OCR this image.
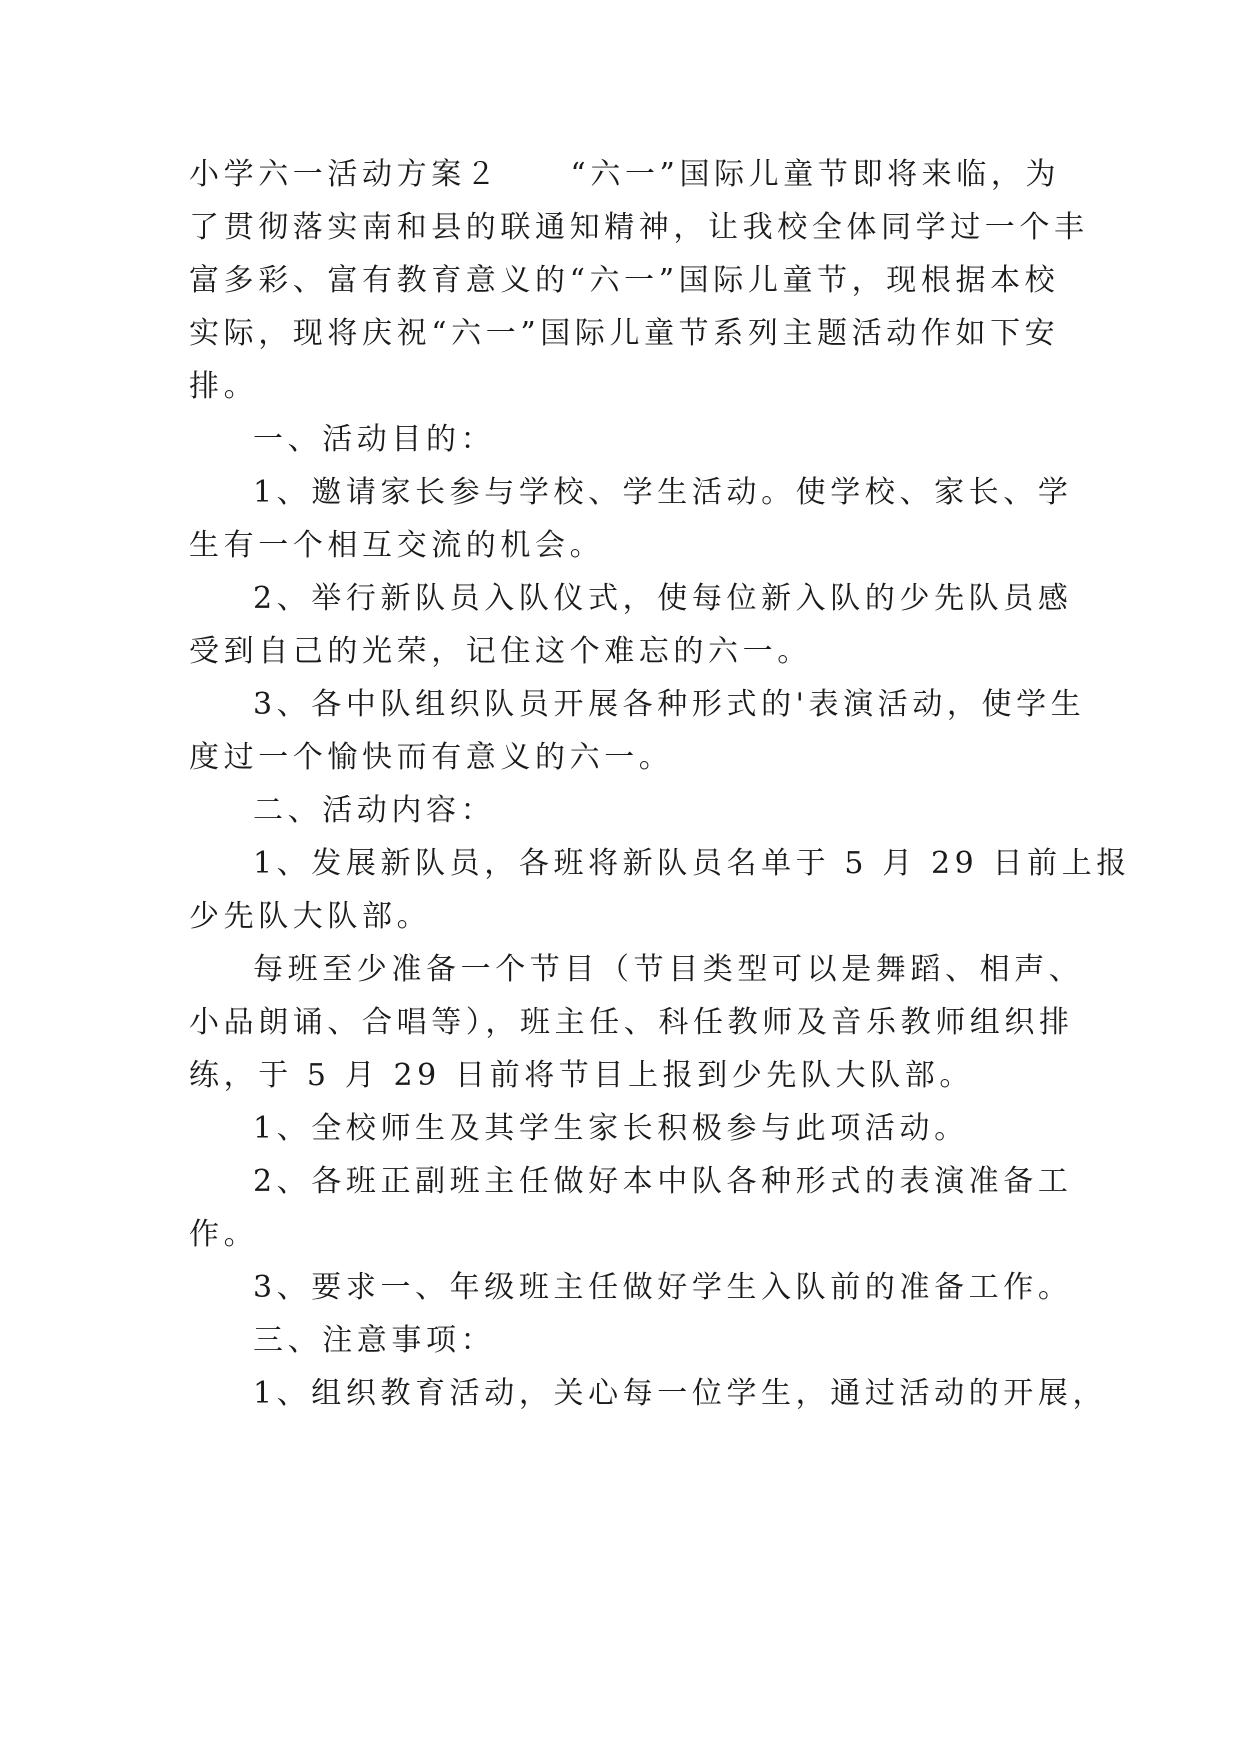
小学六一活动方案２ “六一”国际儿童节即将来临，为
了贯彻落实南和县的联通知精神，让我校全体同学过一个丰
富多彩、富有教育意义的“六一”国际儿童节，现根据本校
实际，现将庆祝“六一”国际儿童节系列主题活动作如下安
排。
一、活动目的：
1、邀请家长参与学校、学生活动。使学校、家长、学
生有一个相互交流的机会。
2、举行新队员入队仪式，使每位新入队的少先队员感
受到自己的光荣，记住这个难忘的六一。
3、各中队组织队员开展各种形式的'表演活动，使学生
度过一个愉快而有意义的六一。
二、活动内容：
1、发展新队员，各班将新队员名单于 5 月 29 日前上报
少先队大队部。
每班至少准备一个节目（节目类型可以是舞蹈、相声、
小品朗诵、合唱等），班主任、科任教师及音乐教师组织排
练，于 5 月 29 日前将节目上报到少先队大队部。
1、全校师生及其学生家长积极参与此项活动。
2、各班正副班主任做好本中队各种形式的表演准备工
作。
3、要求一、年级班主任做好学生入队前的准备工作。
三、注意事项：
1、组织教育活动，关心每一位学生，通过活动的开展，
